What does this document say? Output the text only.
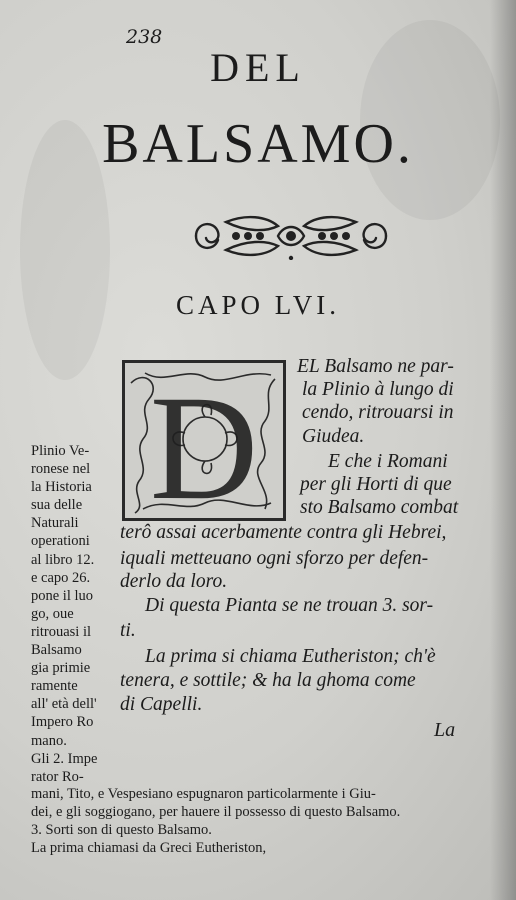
238
DEL
BALSAMO.
CAPO LVI.
D EL Balsamo ne par-
la Plinio à lungo di
cendo, ritrouarsi in
Giudea.
E che i Romani
per gli Horti di que
sto Balsamo combat
terô assai acerbamente contra gli Hebrei,
iquali metteuano ogni sforzo per defen-
derlo da loro.
Di questa Pianta se ne trouan 3. sor-
ti.
La prima si chiama Eutheriston; ch'è
tenera, e sottile; & ha la ghoma come
di Capelli.
La
Plinio Ve-
ronese nel
la Historia
sua delle
Naturali
operationi
al libro 12.
e capo 26.
pone il luo
go, oue
ritrouasi il
Balsamo
gia primie
ramente
all' età dell'
Impero Ro
mano.
Gli 2. Impe
rator Ro-
mani, Tito, e Vespesiano espugnaron particolarmente i Giu-
dei, e gli soggiogano, per hauere il possesso di questo Balsamo.
3. Sorti son di questo Balsamo.
La prima chiamasi da Greci Eutheriston,
